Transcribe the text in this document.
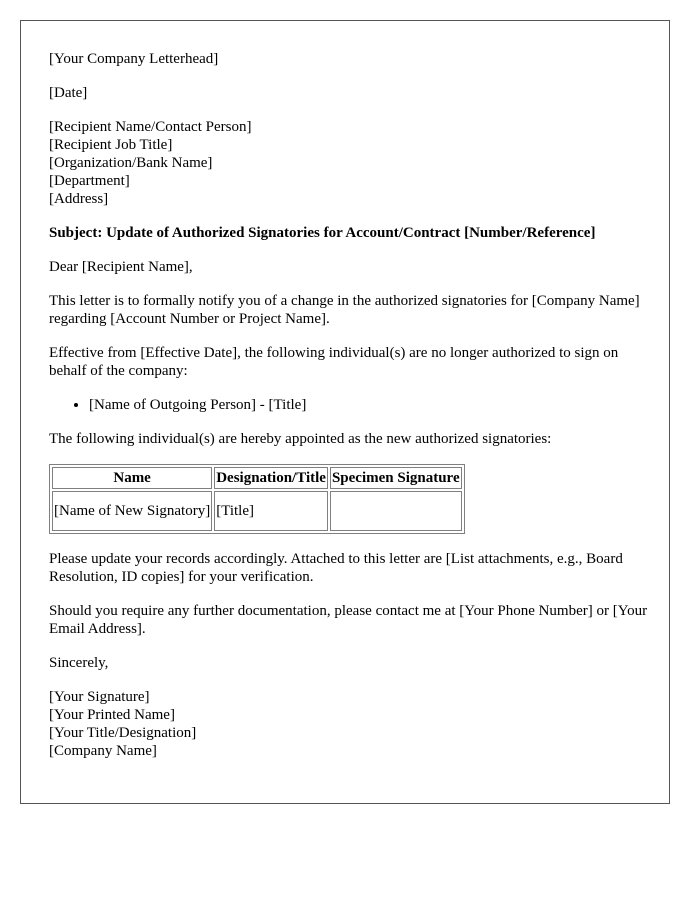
[Your Company Letterhead]

[Date]

[Recipient Name/Contact Person]
[Recipient Job Title]
[Organization/Bank Name]
[Department]
[Address]

Subject: Update of Authorized Signatories for Account/Contract [Number/Reference]

Dear [Recipient Name],

This letter is to formally notify you of a change in the authorized signatories for [Company Name] regarding [Account Number or Project Name].

Effective from [Effective Date], the following individual(s) are no longer authorized to sign on behalf of the company:

• [Name of Outgoing Person] - [Title]

The following individual(s) are hereby appointed as the new authorized signatories:

Name	Designation/Title	Specimen Signature
[Name of New Signatory]	[Title]	

Please update your records accordingly. Attached to this letter are [List attachments, e.g., Board Resolution, ID copies] for your verification.

Should you require any further documentation, please contact me at [Your Phone Number] or [Your Email Address].

Sincerely,

[Your Signature]
[Your Printed Name]
[Your Title/Designation]
[Company Name]
